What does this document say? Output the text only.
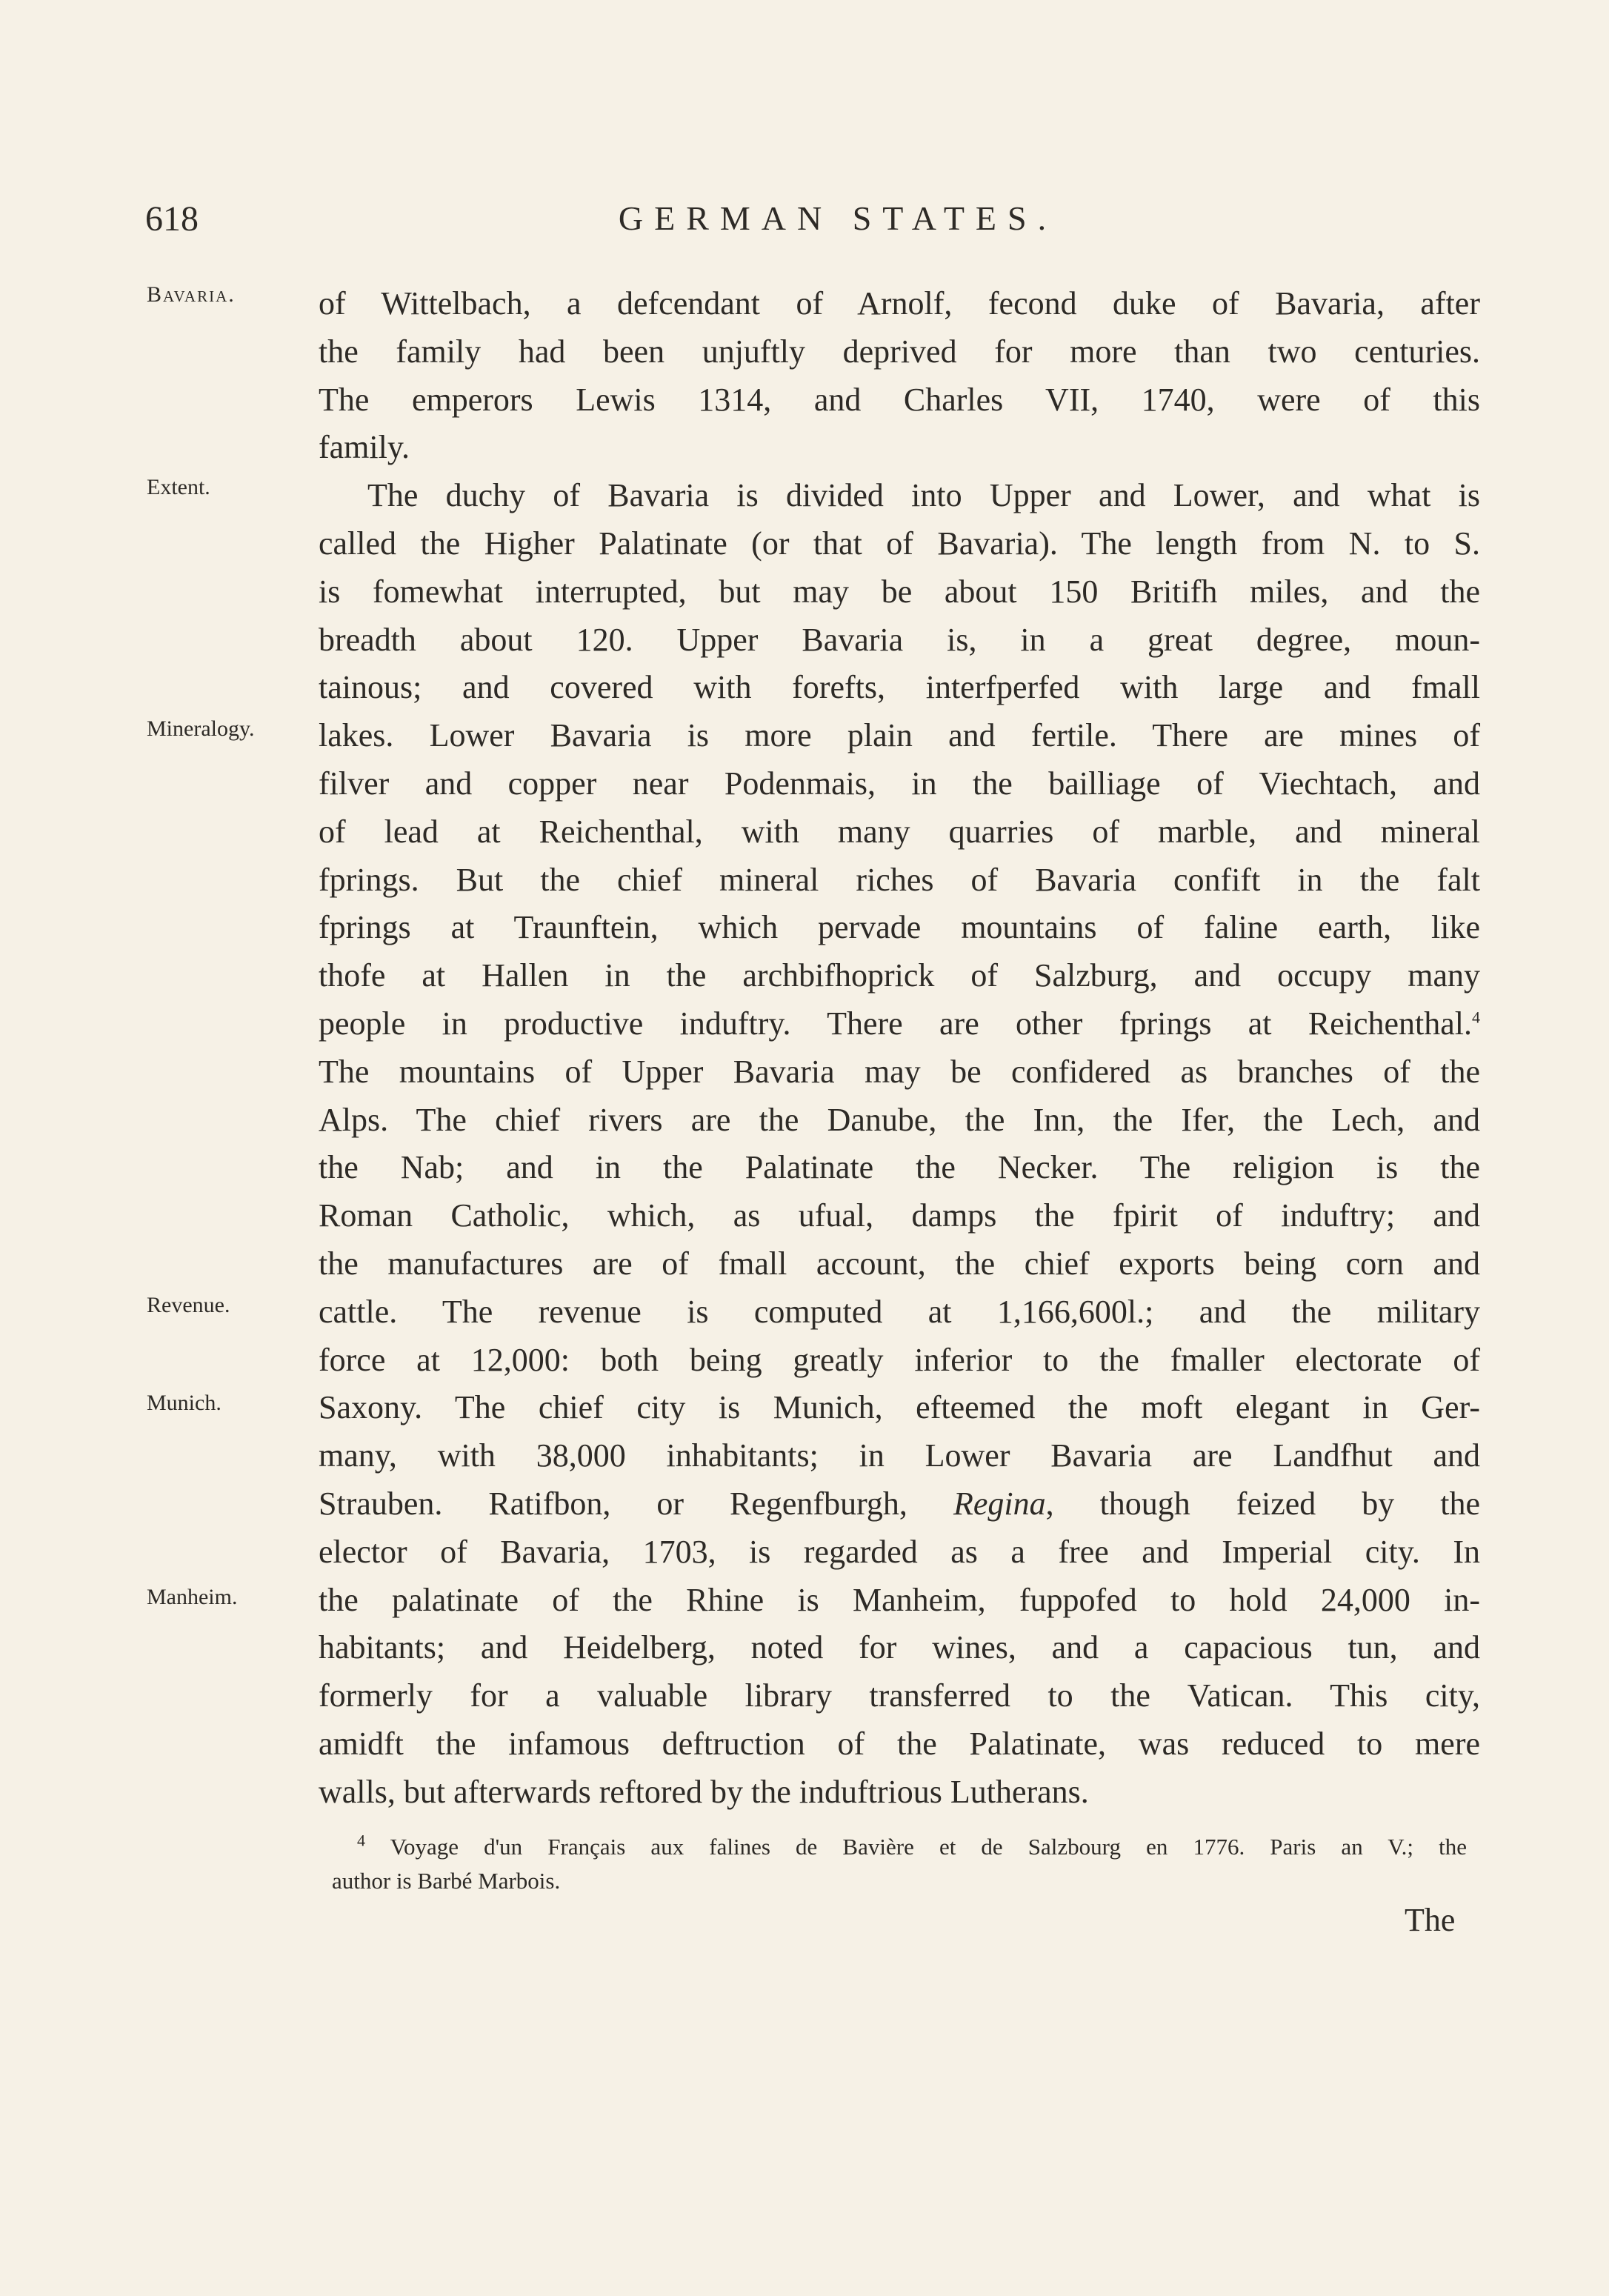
618	GERMAN STATES.
Bavaria.
Extent.
Mineralogy.
Revenue.
Munich.
Manheim.
of Wittelbach, a defcendant of Arnolf, fecond duke of Bavaria, after
the family had been unjuftly deprived for more than two centuries.
The emperors Lewis 1314, and Charles VII, 1740, were of this
family.
The duchy of Bavaria is divided into Upper and Lower, and what is
called the Higher Palatinate (or that of Bavaria). The length from N. to S.
is fomewhat interrupted, but may be about 150 Britifh miles, and the
breadth about 120. Upper Bavaria is, in a great degree, moun-
tainous; and covered with forefts, interfperfed with large and fmall
lakes. Lower Bavaria is more plain and fertile. There are mines of
filver and copper near Podenmais, in the bailliage of Viechtach, and
of lead at Reichenthal, with many quarries of marble, and mineral
fprings. But the chief mineral riches of Bavaria confift in the falt
fprings at Traunftein, which pervade mountains of faline earth, like
thofe at Hallen in the archbifhoprick of Salzburg, and occupy many
people in productive induftry. There are other fprings at Reichenthal.$^4$
The mountains of Upper Bavaria may be confidered as branches of the
Alps. The chief rivers are the Danube, the Inn, the Ifer, the Lech, and
the Nab; and in the Palatinate the Necker. The religion is the
Roman Catholic, which, as ufual, damps the fpirit of induftry; and
the manufactures are of fmall account, the chief exports being corn and
cattle. The revenue is computed at 1,166,600l.; and the military
force at 12,000: both being greatly inferior to the fmaller electorate of
Saxony. The chief city is Munich, efteemed the moft elegant in Ger-
many, with 38,000 inhabitants; in Lower Bavaria are Landfhut and
Strauben. Ratifbon, or Regenfburgh, Regina, though feized by the
elector of Bavaria, 1703, is regarded as a free and Imperial city. In
the palatinate of the Rhine is Manheim, fuppofed to hold 24,000 in-
habitants; and Heidelberg, noted for wines, and a capacious tun, and
formerly for a valuable library transferred to the Vatican. This city,
amidft the infamous deftruction of the Palatinate, was reduced to mere
walls, but afterwards reftored by the induftrious Lutherans.
$^4$ Voyage d'un Français aux falines de Bavière et de Salzbourg en 1776. Paris an V.; the
author is Barbé Marbois.
The
